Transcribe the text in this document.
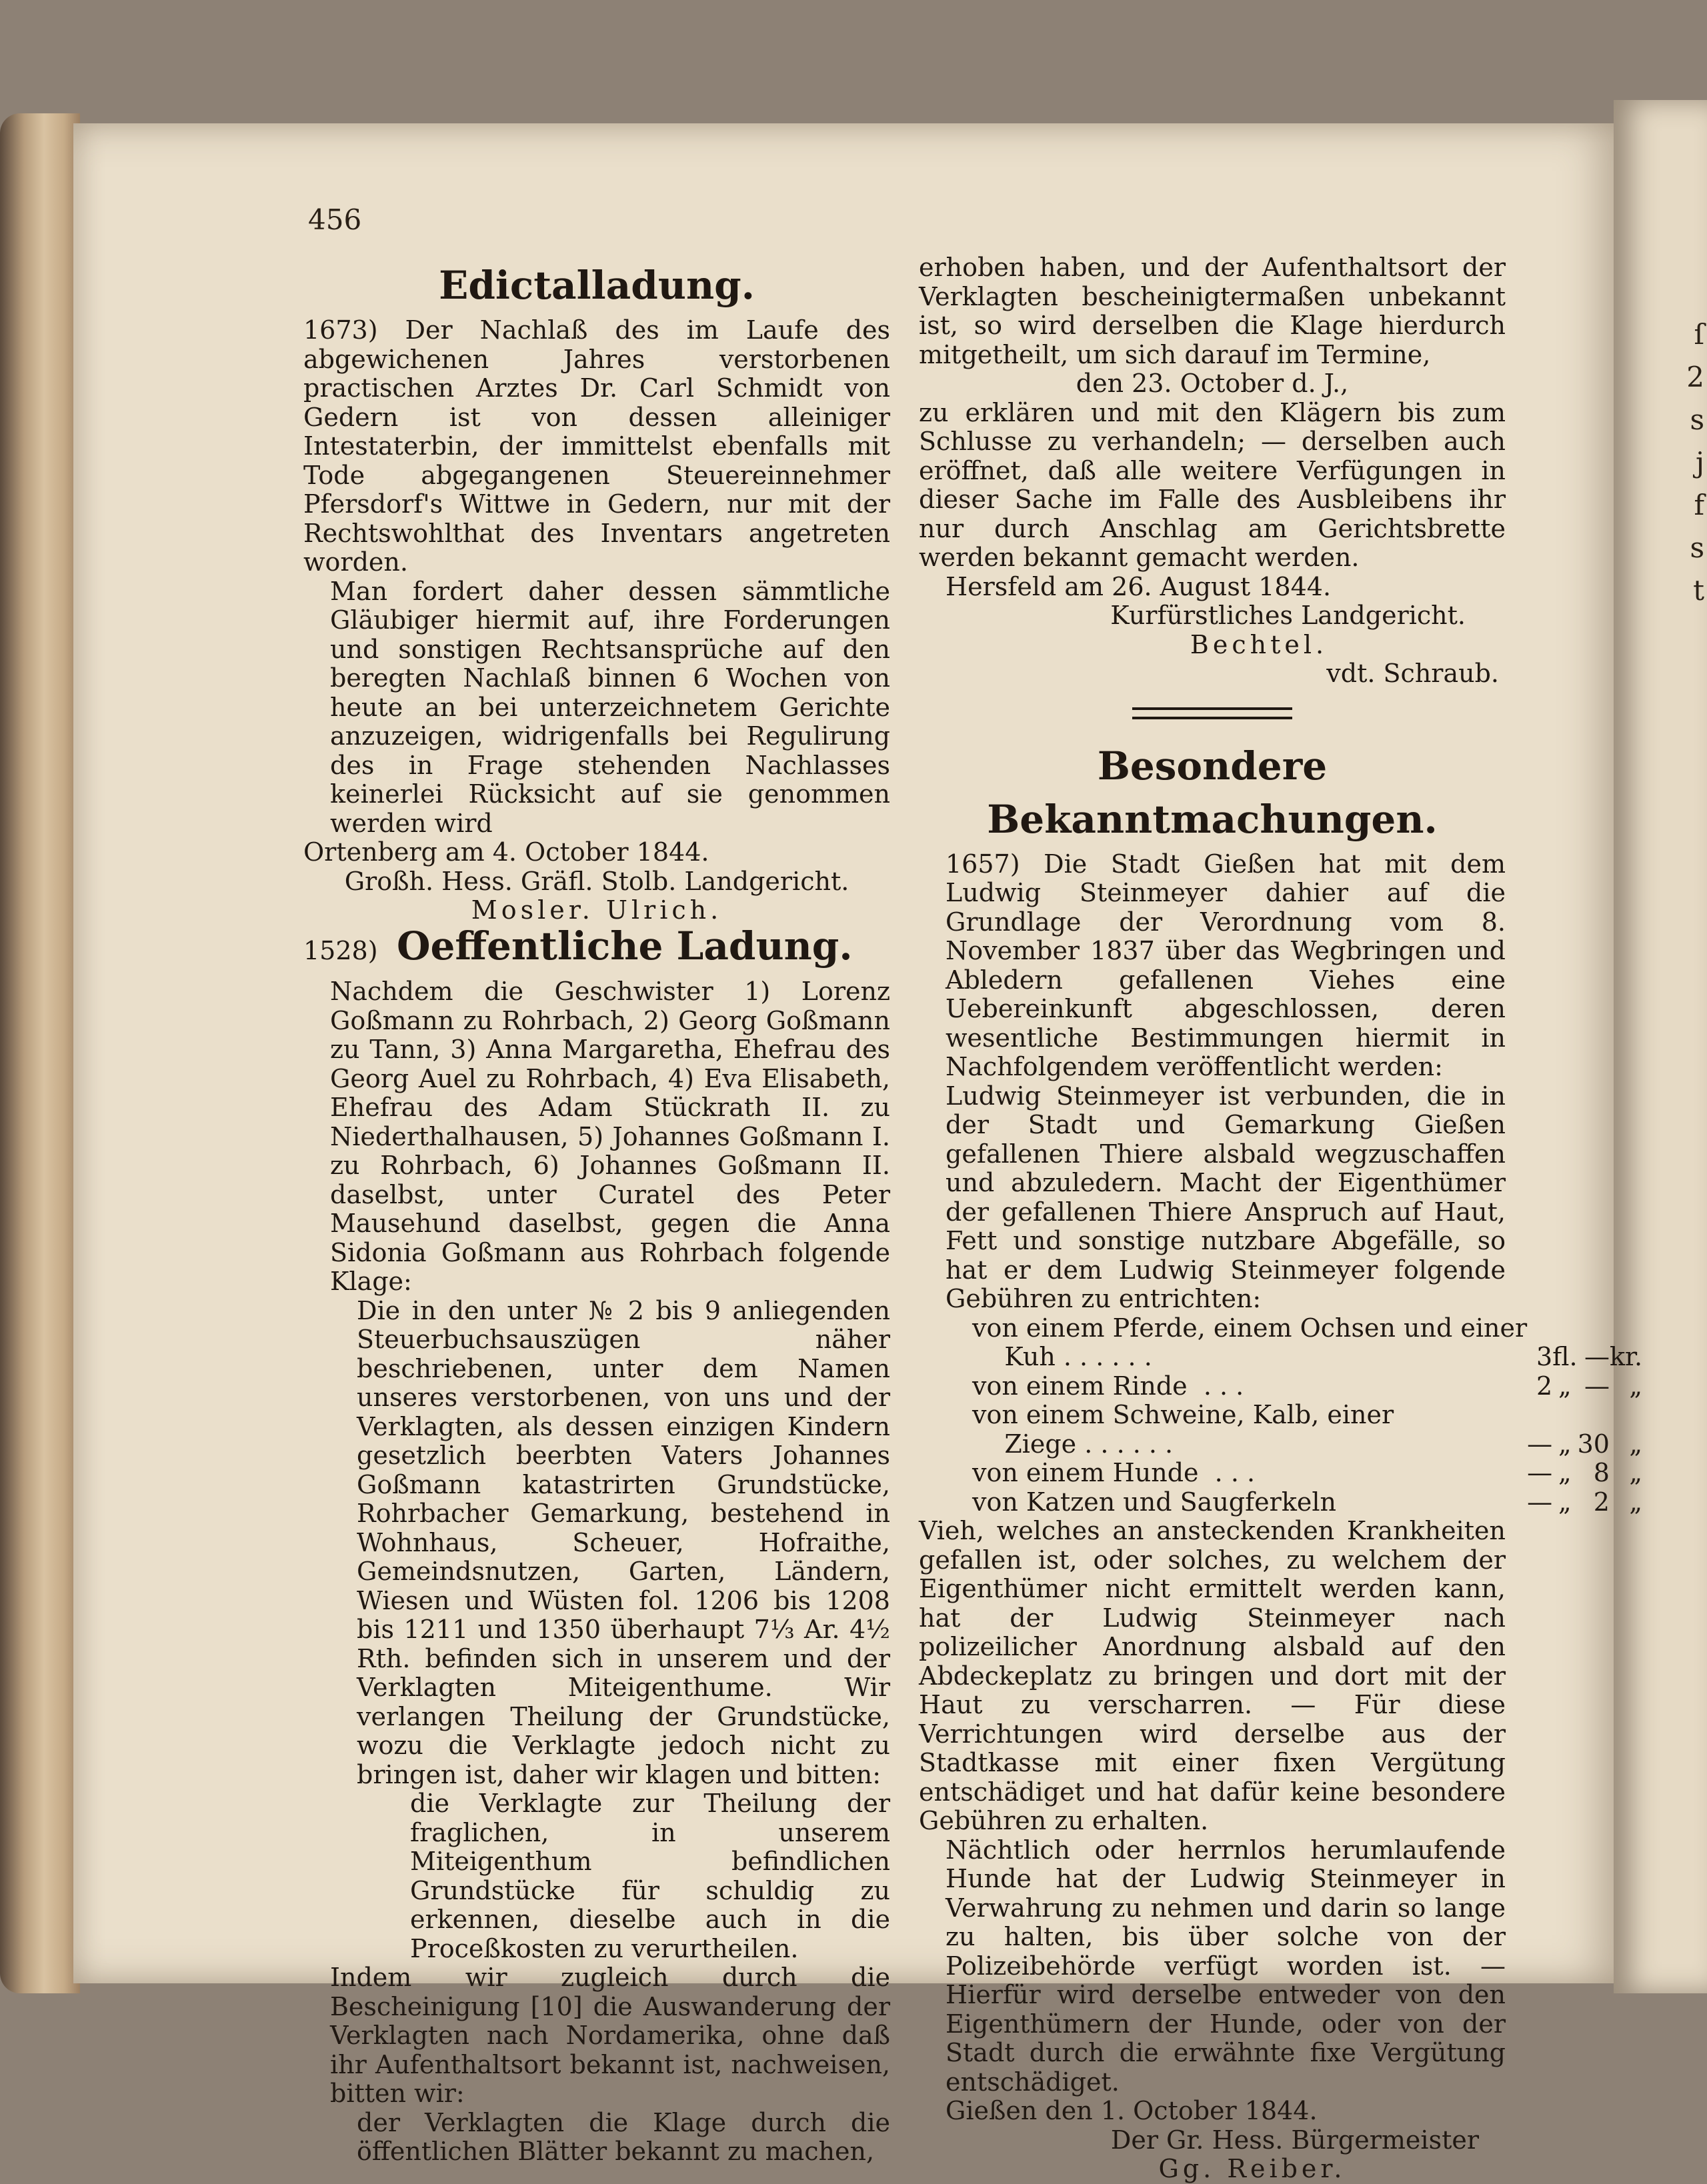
ſ
2
s
j
f
s
t
456
Edictalladung.

1673) Der Nachlaß des im Laufe des abgewichenen Jahres verstorbenen practischen Arztes Dr. Carl Schmidt von Gedern ist von dessen alleiniger Intestaterbin, der immittelst ebenfalls mit Tode abgegangenen Steuereinnehmer Pfersdorf's Wittwe in Gedern, nur mit der Rechtswohlthat des Inventars angetreten worden.

Man fordert daher dessen sämmtliche Gläubiger hiermit auf, ihre Forderungen und sonstigen Rechtsansprüche auf den beregten Nachlaß binnen 6 Wochen von heute an bei unterzeichnetem Gerichte anzuzeigen, widrigenfalls bei Regulirung des in Frage stehenden Nachlasses keinerlei Rücksicht auf sie genommen werden wird

Ortenberg am 4. October 1844.

Großh. Hess. Gräfl. Stolb. Landgericht.

Mosler. Ulrich.

1528) Oeffentliche Ladung.

Nachdem die Geschwister 1) Lorenz Goßmann zu Rohrbach, 2) Georg Goßmann zu Tann, 3) Anna Margaretha, Ehefrau des Georg Auel zu Rohrbach, 4) Eva Elisabeth, Ehefrau des Adam Stückrath II. zu Niederthalhausen, 5) Johannes Goßmann I. zu Rohrbach, 6) Johannes Goßmann II. daselbst, unter Curatel des Peter Mausehund daselbst, gegen die Anna Sidonia Goßmann aus Rohrbach folgende Klage:

Die in den unter № 2 bis 9 anliegenden Steuerbuchsauszügen näher beschriebenen, unter dem Namen unseres verstorbenen, von uns und der Verklagten, als dessen einzigen Kindern gesetzlich beerbten Vaters Johannes Goßmann katastrirten Grundstücke, Rohrbacher Gemarkung, bestehend in Wohnhaus, Scheuer, Hofraithe, Gemeindsnutzen, Garten, Ländern, Wiesen und Wüsten fol. 1206 bis 1208 bis 1211 und 1350 überhaupt 7⅓ Ar. 4½ Rth. befinden sich in unserem und der Verklagten Miteigenthume. Wir verlangen Theilung der Grundstücke, wozu die Verklagte jedoch nicht zu bringen ist, daher wir klagen und bitten:

die Verklagte zur Theilung der fraglichen, in unserem Miteigenthum befindlichen Grundstücke für schuldig zu erkennen, dieselbe auch in die Proceßkosten zu verurtheilen.

Indem wir zugleich durch die Bescheinigung [10] die Auswanderung der Verklagten nach Nordamerika, ohne daß ihr Aufenthaltsort bekannt ist, nachweisen, bitten wir:

der Verklagten die Klage durch die öffentlichen Blätter bekannt zu machen,

erhoben haben, und der Aufenthaltsort der Verklagten bescheinigtermaßen unbekannt ist, so wird derselben die Klage hierdurch mitgetheilt, um sich darauf im Termine,

den 23. October d. J.,

zu erklären und mit den Klägern bis zum Schlusse zu verhandeln; — derselben auch eröffnet, daß alle weitere Verfügungen in dieser Sache im Falle des Ausbleibens ihr nur durch Anschlag am Gerichtsbrette werden bekannt gemacht werden.

Hersfeld am 26. August 1844.

Kurfürstliches Landgericht.

Bechtel.

vdt. Schraub.

Besondere Bekanntmachungen.

1657) Die Stadt Gießen hat mit dem Ludwig Steinmeyer dahier auf die Grundlage der Verordnung vom 8. November 1837 über das Wegbringen und Abledern gefallenen Viehes eine Uebereinkunft abgeschlossen, deren wesentliche Bestimmungen hiermit in Nachfolgendem veröffentlicht werden:

Ludwig Steinmeyer ist verbunden, die in der Stadt und Gemarkung Gießen gefallenen Thiere alsbald wegzuschaffen und abzuledern. Macht der Eigenthümer der gefallenen Thiere Anspruch auf Haut, Fett und sonstige nutzbare Abgefälle, so hat er dem Ludwig Steinmeyer folgende Gebühren zu entrichten:

von einem Pferde, einem Ochsen und einer				
Kuh . . . . . .	3	fl.	—	kr.
von einem Rinde  . . .	2	„	—	„
von einem Schweine, Kalb, einer				
Ziege . . . . . .	—	„	30	„
von einem Hunde  . . .	—	„	8	„
von Katzen und Saugferkeln	—	„	2	„

Vieh, welches an ansteckenden Krankheiten gefallen ist, oder solches, zu welchem der Eigenthümer nicht ermittelt werden kann, hat der Ludwig Steinmeyer nach polizeilicher Anordnung alsbald auf den Abdeckeplatz zu bringen und dort mit der Haut zu verscharren. — Für diese Verrichtungen wird derselbe aus der Stadtkasse mit einer fixen Vergütung entschädiget und hat dafür keine besondere Gebühren zu erhalten.

Nächtlich oder herrnlos herumlaufende Hunde hat der Ludwig Steinmeyer in Verwahrung zu nehmen und darin so lange zu halten, bis über solche von der Polizeibehörde verfügt worden ist. — Hierfür wird derselbe entweder von den Eigenthümern der Hunde, oder von der Stadt durch die erwähnte fixe Vergütung entschädiget.

Gießen den 1. October 1844.

Der Gr. Hess. Bürgermeister

Gg. Reiber.
